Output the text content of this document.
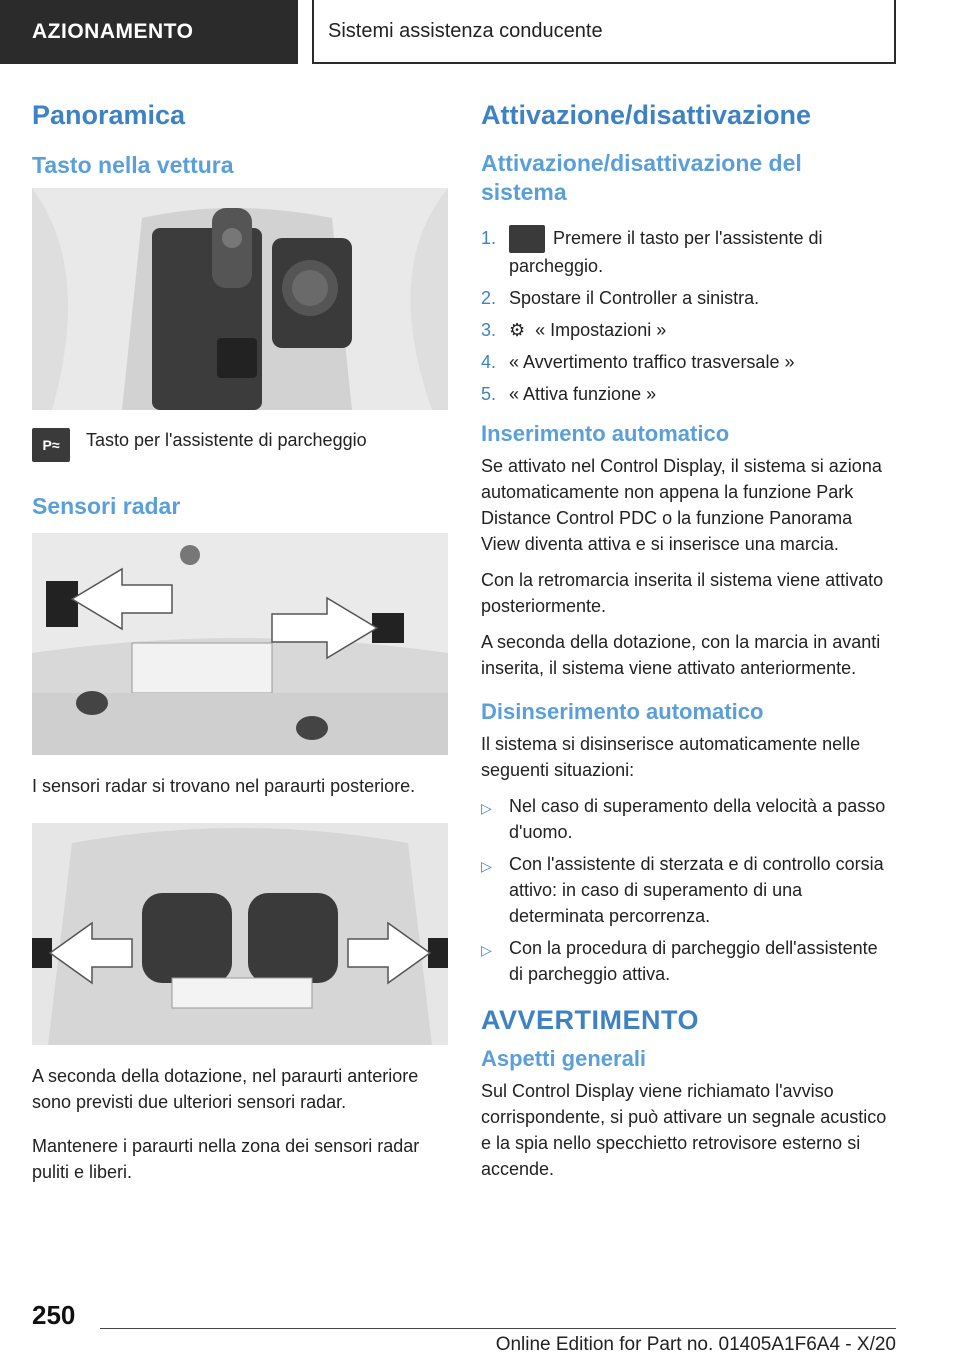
AZIONAMENTO	Sistemi assistenza conducente
Panoramica
Tasto nella vettura
P≈	Tasto per l'assistente di parcheggio
Sensori radar

I sensori radar si trovano nel paraurti posteriore.

A seconda della dotazione, nel paraurti anteriore sono previsti due ulteriori sensori radar.

Mantenere i paraurti nella zona dei sensori radar puliti e liberi.

Attivazione/disattivazione
Attivazione/disattivazione del sistema
1.	Premere il tasto per l'assistente di parcheggio.
2. Spostare il Controller a sinistra.
3. ⚙ « Impostazioni »
4. « Avvertimento traffico trasversale »
5. « Attiva funzione »
Inserimento automatico

Se attivato nel Control Display, il sistema si aziona automaticamente non appena la funzione Park Distance Control PDC o la funzione Panorama View diventa attiva e si inserisce una marcia.

Con la retromarcia inserita il sistema viene attivato posteriormente.

A seconda della dotazione, con la marcia in avanti inserita, il sistema viene attivato anteriormente.

Disinserimento automatico

Il sistema si disinserisce automaticamente nelle seguenti situazioni:

▷ Nel caso di superamento della velocità a passo d'uomo.
▷ Con l'assistente di sterzata e di controllo corsia attivo: in caso di superamento di una determinata percorrenza.
▷ Con la procedura di parcheggio dell'assistente di parcheggio attiva.
AVVERTIMENTO
Aspetti generali

Sul Control Display viene richiamato l'avviso corrispondente, si può attivare un segnale acustico e la spia nello specchietto retrovisore esterno si accende.

250
Online Edition for Part no. 01405A1F6A4 - X/20
